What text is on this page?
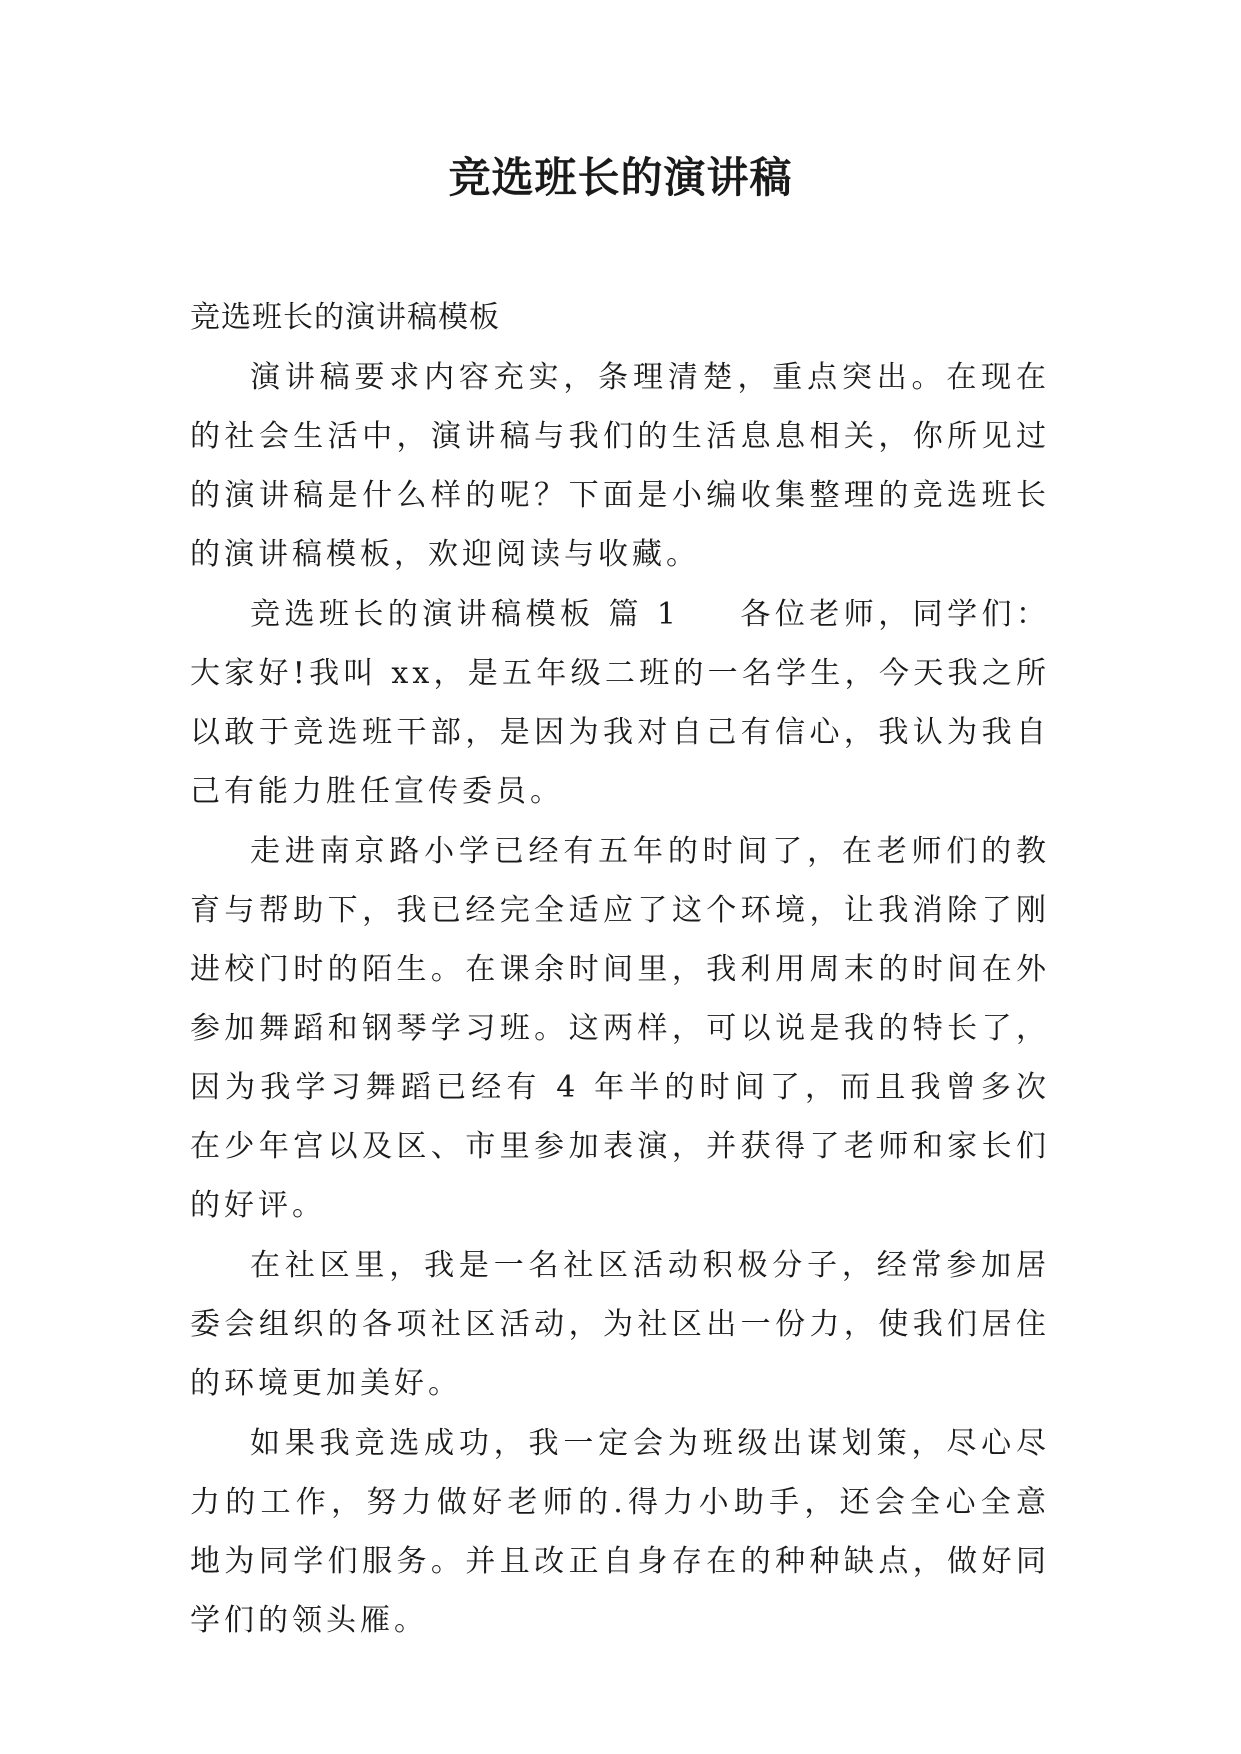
竞选班长的演讲稿

竞选班长的演讲稿模板

演讲稿要求内容充实，条理清楚，重点突出。在现在的社会生活中，演讲稿与我们的生活息息相关，你所见过的演讲稿是什么样的呢？下面是小编收集整理的竞选班长的演讲稿模板，欢迎阅读与收藏。

竞选班长的演讲稿模板 篇 1 各位老师，同学们：大家好!我叫 xx，是五年级二班的一名学生，今天我之所以敢于竞选班干部，是因为我对自己有信心，我认为我自己有能力胜任宣传委员。

走进南京路小学已经有五年的时间了，在老师们的教育与帮助下，我已经完全适应了这个环境，让我消除了刚进校门时的陌生。在课余时间里，我利用周末的时间在外参加舞蹈和钢琴学习班。这两样，可以说是我的特长了，因为我学习舞蹈已经有 4 年半的时间了，而且我曾多次在少年宫以及区、市里参加表演，并获得了老师和家长们的好评。

在社区里，我是一名社区活动积极分子，经常参加居委会组织的各项社区活动，为社区出一份力，使我们居住的环境更加美好。

如果我竞选成功，我一定会为班级出谋划策，尽心尽力的工作，努力做好老师的.得力小助手，还会全心全意地为同学们服务。并且改正自身存在的种种缺点，做好同学们的领头雁。
